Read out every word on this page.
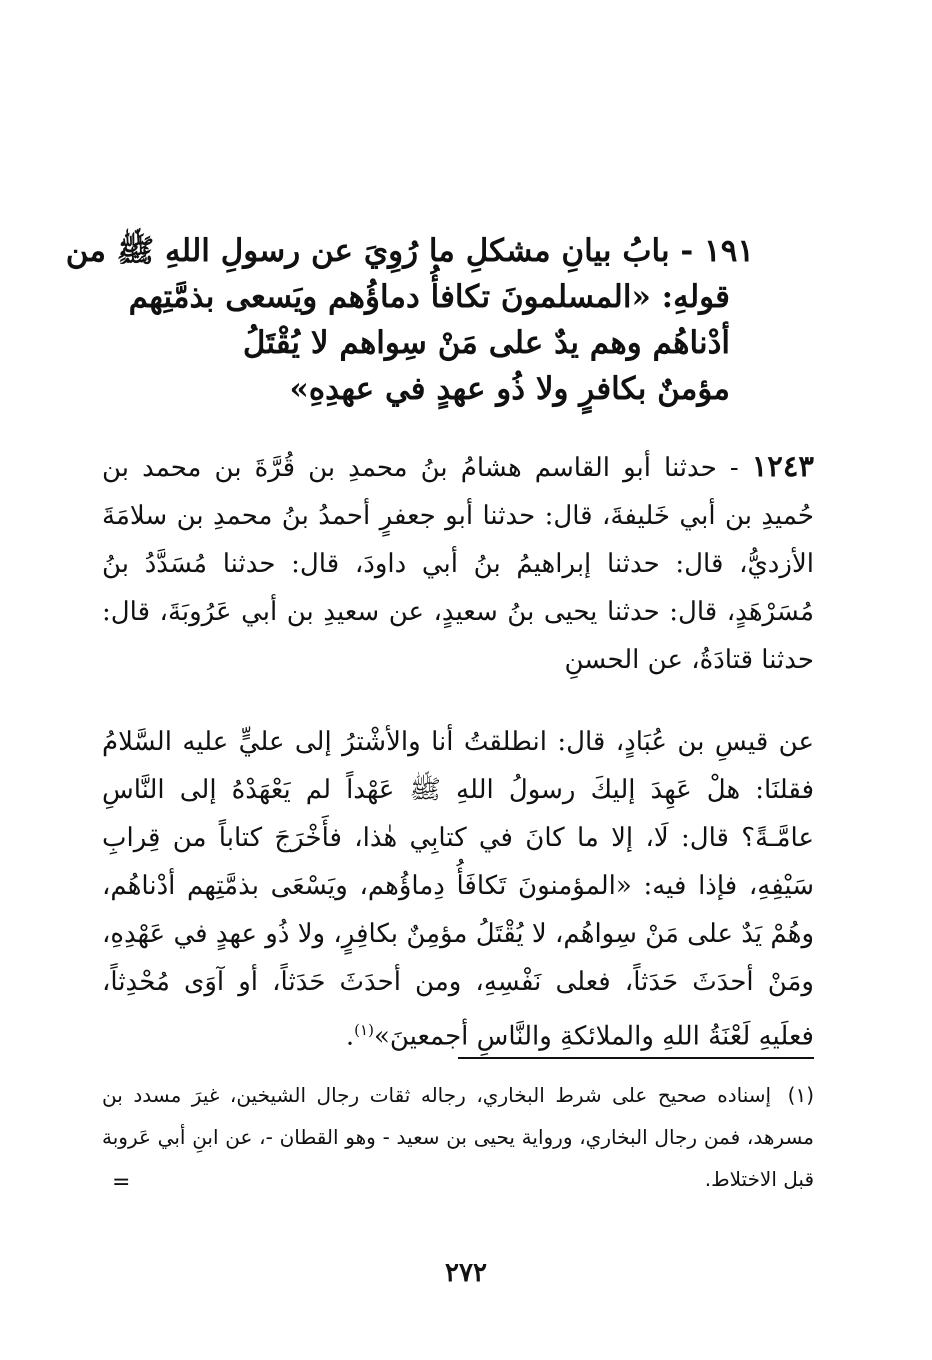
١٩١ - بابُ بيانِ مشكلِ ما رُوِيَ عن رسولِ اللهِ ﷺ من
قولهِ: «المسلمونَ تكافأُ دماؤُهم ويَسعى بذمَّتِهم
أدْناهُم وهم يدٌ على مَنْ سِواهم لا يُقْتَلُ
مؤمنٌ بكافرٍ ولا ذُو عهدٍ في عهدِهِ»
١٢٤٣ - حدثنا أبو القاسم هشامُ بنُ محمدِ بن قُرَّةَ بن محمد بن حُميدِ بن أبي خَليفةَ، قال: حدثنا أبو جعفرٍ أحمدُ بنُ محمدِ بن سلامَةَ الأزديُّ، قال: حدثنا إبراهيمُ بنُ أبي داودَ، قال: حدثنا مُسَدَّدُ بنُ مُسَرْهَدٍ، قال: حدثنا يحيى بنُ سعيدٍ، عن سعيدِ بن أبي عَرُوبَةَ، قال: حدثنا قتادَةُ، عن الحسنِ
عن قيسِ بن عُبَادٍ، قال: انطلقتُ أنا والأشْترُ إلى عليٍّ عليه السَّلامُ فقلنَا: هلْ عَهِدَ إليكَ رسولُ اللهِ ﷺ عَهْداً لم يَعْهَدْهُ إلى النَّاسِ عامَّـةً؟ قال: لَا، إلا ما كانَ في كتابِي هٰذا، فأَخْرَجَ كتاباً من قِرابِ سَيْفِهِ، فإذا فيه: «المؤمنونَ تَكافَأُ دِماؤُهم، ويَسْعَى بذمَّتِهم أدْناهُم، وهُمْ يَدٌ على مَنْ سِواهُم، لا يُقْتَلُ مؤمِنٌ بكافِرٍ، ولا ذُو عهدٍ في عَهْدِهِ، ومَنْ أحدَثَ حَدَثاً، فعلى نَفْسِهِ، ومن أحدَثَ حَدَثاً، أو آوَى مُحْدِثاً، فعلَيهِ لَعْنَةُ اللهِ والملائكةِ والنَّاسِ أجمعينَ»$^{(١)}$.
(١) إسناده صحيح على شرط البخاري، رجاله ثقات رجال الشيخين، غيرَ مسدد بن مسرهد، فمن رجال البخاري، ورواية يحيى بن سعيد - وهو القطان -، عن ابنِ أبي عَروبة قبل الاختلاط.
=
٢٧٢
